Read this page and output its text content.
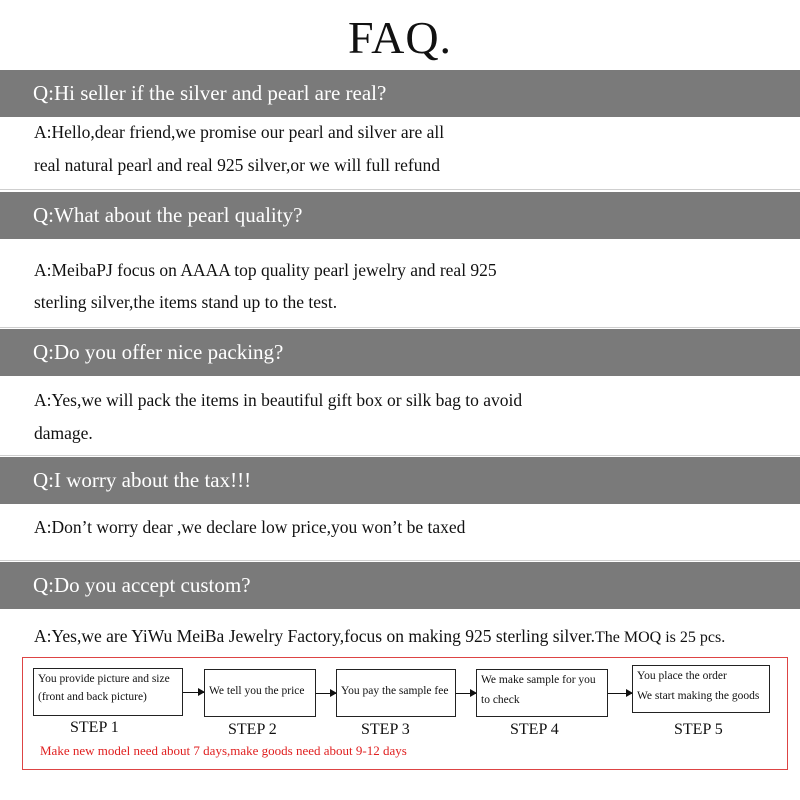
FAQ.
Q:Hi seller if the silver and pearl are real?
A:Hello,dear friend,we promise our pearl and silver are all
real natural pearl and real 925 silver,or we will full refund
Q:What about the pearl quality?
A:MeibaPJ focus on AAAA top quality pearl jewelry and real 925
sterling silver,the items stand up to the test.
Q:Do you offer nice packing?
A:Yes,we will pack the items in beautiful gift box or silk bag to avoid
damage.
Q:I worry about the tax!!!
A:Don’t worry dear ,we declare low price,you won’t be taxed
Q:Do you accept custom?
A:Yes,we are YiWu MeiBa Jewelry Factory,focus on making 925 sterling silver.The MOQ is 25 pcs.
You provide picture and size
(front and back picture)
STEP 1
We tell you the price
STEP 2
You pay the sample fee
STEP 3
We make sample for you
to check
STEP 4
You place the order
We start making the goods
STEP 5
Make new model need about 7 days,make goods need about 9-12 days
